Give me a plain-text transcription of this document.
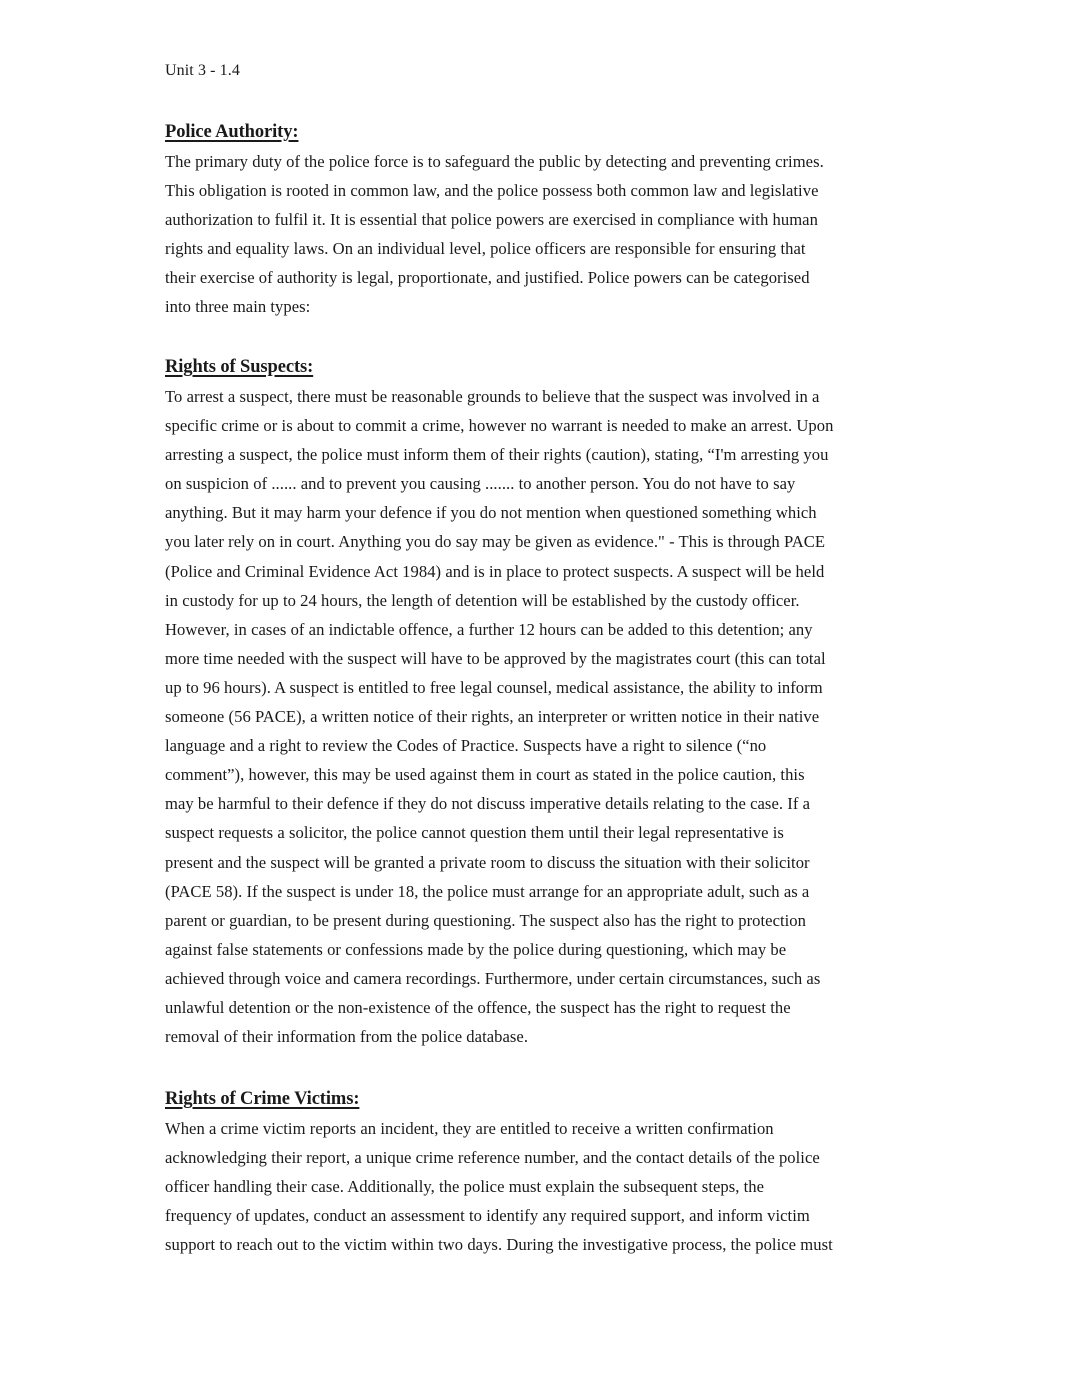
Unit 3 - 1.4
Police Authority:

The primary duty of the police force is to safeguard the public by detecting and preventing crimes.
This obligation is rooted in common law, and the police possess both common law and legislative
authorization to fulfil it. It is essential that police powers are exercised in compliance with human
rights and equality laws. On an individual level, police officers are responsible for ensuring that
their exercise of authority is legal, proportionate, and justified. Police powers can be categorised
into three main types:

Rights of Suspects:

To arrest a suspect, there must be reasonable grounds to believe that the suspect was involved in a
specific crime or is about to commit a crime, however no warrant is needed to make an arrest. Upon
arresting a suspect, the police must inform them of their rights (caution), stating, “I'm arresting you
on suspicion of ...... and to prevent you causing ....... to another person. You do not have to say
anything. But it may harm your defence if you do not mention when questioned something which
you later rely on in court. Anything you do say may be given as evidence." - This is through PACE
(Police and Criminal Evidence Act 1984) and is in place to protect suspects. A suspect will be held
in custody for up to 24 hours, the length of detention will be established by the custody officer.
However, in cases of an indictable offence, a further 12 hours can be added to this detention; any
more time needed with the suspect will have to be approved by the magistrates court (this can total
up to 96 hours). A suspect is entitled to free legal counsel, medical assistance, the ability to inform
someone (56 PACE), a written notice of their rights, an interpreter or written notice in their native
language and a right to review the Codes of Practice. Suspects have a right to silence (“no
comment”), however, this may be used against them in court as stated in the police caution, this
may be harmful to their defence if they do not discuss imperative details relating to the case. If a
suspect requests a solicitor, the police cannot question them until their legal representative is
present and the suspect will be granted a private room to discuss the situation with their solicitor
(PACE 58). If the suspect is under 18, the police must arrange for an appropriate adult, such as a
parent or guardian, to be present during questioning. The suspect also has the right to protection
against false statements or confessions made by the police during questioning, which may be
achieved through voice and camera recordings. Furthermore, under certain circumstances, such as
unlawful detention or the non-existence of the offence, the suspect has the right to request the
removal of their information from the police database.

Rights of Crime Victims:

When a crime victim reports an incident, they are entitled to receive a written confirmation
acknowledging their report, a unique crime reference number, and the contact details of the police
officer handling their case. Additionally, the police must explain the subsequent steps, the
frequency of updates, conduct an assessment to identify any required support, and inform victim
support to reach out to the victim within two days. During the investigative process, the police must
